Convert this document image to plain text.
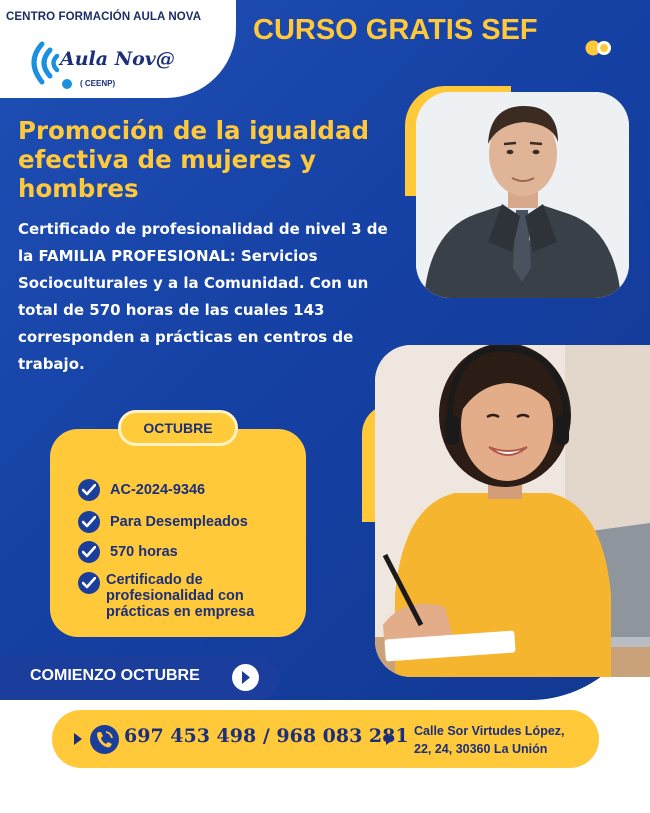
CENTRO FORMACIÓN AULA NOVA
Aula Nov@
( CEENP)
CURSO GRATIS SEF
Promoción de la igualdad efectiva de mujeres y hombres

Certificado de profesionalidad de nivel 3 de la FAMILIA PROFESIONAL: Servicios Socioculturales y a la Comunidad. Con un total de 570 horas de las cuales 143 corresponden a prácticas en centros de trabajo.

AC-2024-9346
Para Desempleados
570 horas
Certificado de
profesionalidad con
prácticas en empresa
OCTUBRE
COMIENZO OCTUBRE
697 453 498 / 968 083 281 Calle Sor Virtudes López,
22, 24, 30360 La Unión
